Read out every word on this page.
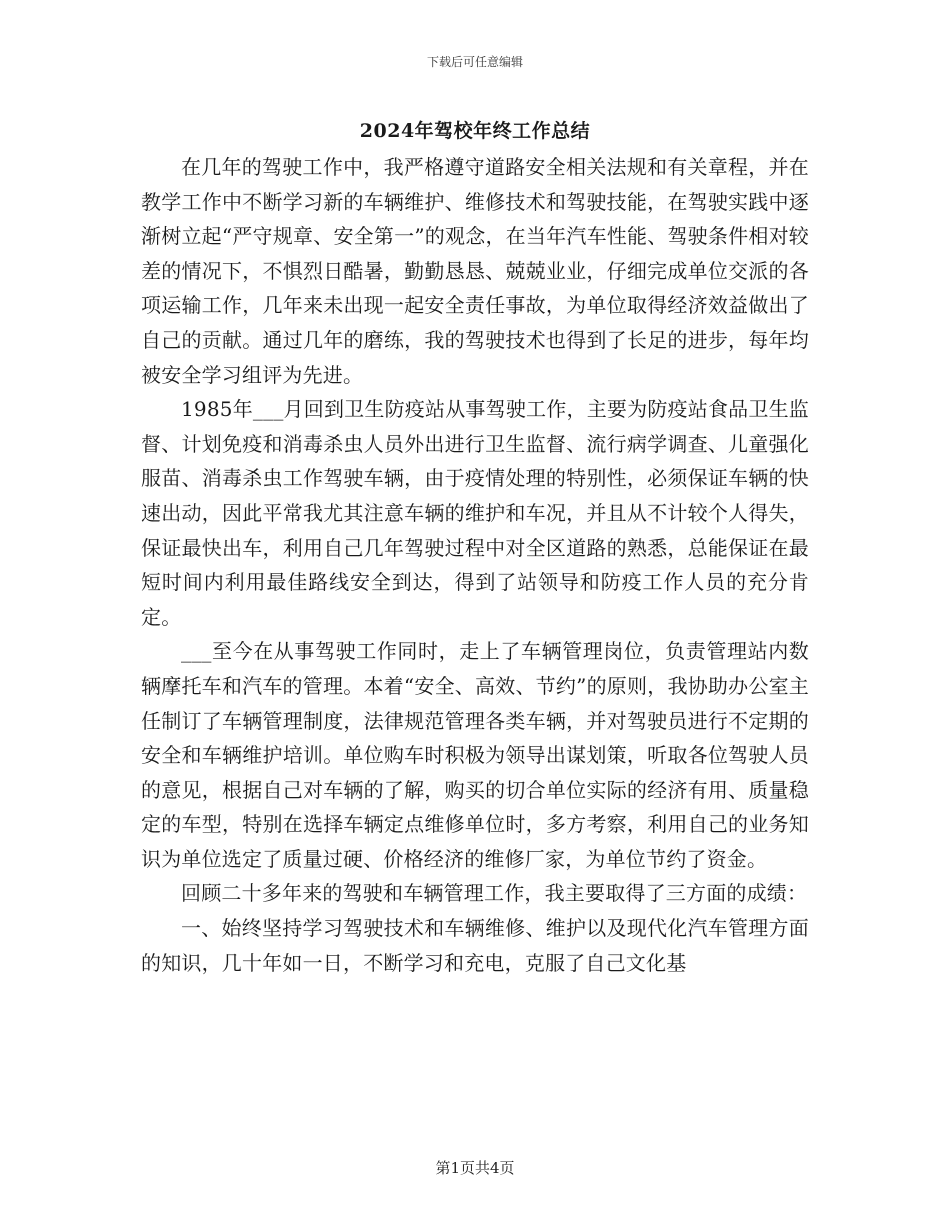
下载后可任意编辑
2024年驾校年终工作总结

在几年的驾驶工作中，我严格遵守道路安全相关法规和有关章程，并在教学工作中不断学习新的车辆维护、维修技术和驾驶技能，在驾驶实践中逐渐树立起“严守规章、安全第一”的观念，在当年汽车性能、驾驶条件相对较差的情况下，不惧烈日酷暑，勤勤恳恳、兢兢业业，仔细完成单位交派的各项运输工作，几年来未出现一起安全责任事故，为单位取得经济效益做出了自己的贡献。通过几年的磨练，我的驾驶技术也得到了长足的进步，每年均被安全学习组评为先进。

1985年___月回到卫生防疫站从事驾驶工作，主要为防疫站食品卫生监督、计划免疫和消毒杀虫人员外出进行卫生监督、流行病学调查、儿童强化服苗、消毒杀虫工作驾驶车辆，由于疫情处理的特别性，必须保证车辆的快速出动，因此平常我尤其注意车辆的维护和车况，并且从不计较个人得失，保证最快出车，利用自己几年驾驶过程中对全区道路的熟悉，总能保证在最短时间内利用最佳路线安全到达，得到了站领导和防疫工作人员的充分肯定。

___至今在从事驾驶工作同时，走上了车辆管理岗位，负责管理站内数辆摩托车和汽车的管理。本着“安全、高效、节约”的原则，我协助办公室主任制订了车辆管理制度，法律规范管理各类车辆，并对驾驶员进行不定期的安全和车辆维护培训。单位购车时积极为领导出谋划策，听取各位驾驶人员的意见，根据自己对车辆的了解，购买的切合单位实际的经济有用、质量稳定的车型，特别在选择车辆定点维修单位时，多方考察，利用自己的业务知识为单位选定了质量过硬、价格经济的维修厂家，为单位节约了资金。

回顾二十多年来的驾驶和车辆管理工作，我主要取得了三方面的成绩：

一、始终坚持学习驾驶技术和车辆维修、维护以及现代化汽车管理方面的知识，几十年如一日，不断学习和充电，克服了自己文化基

第1页共4页
